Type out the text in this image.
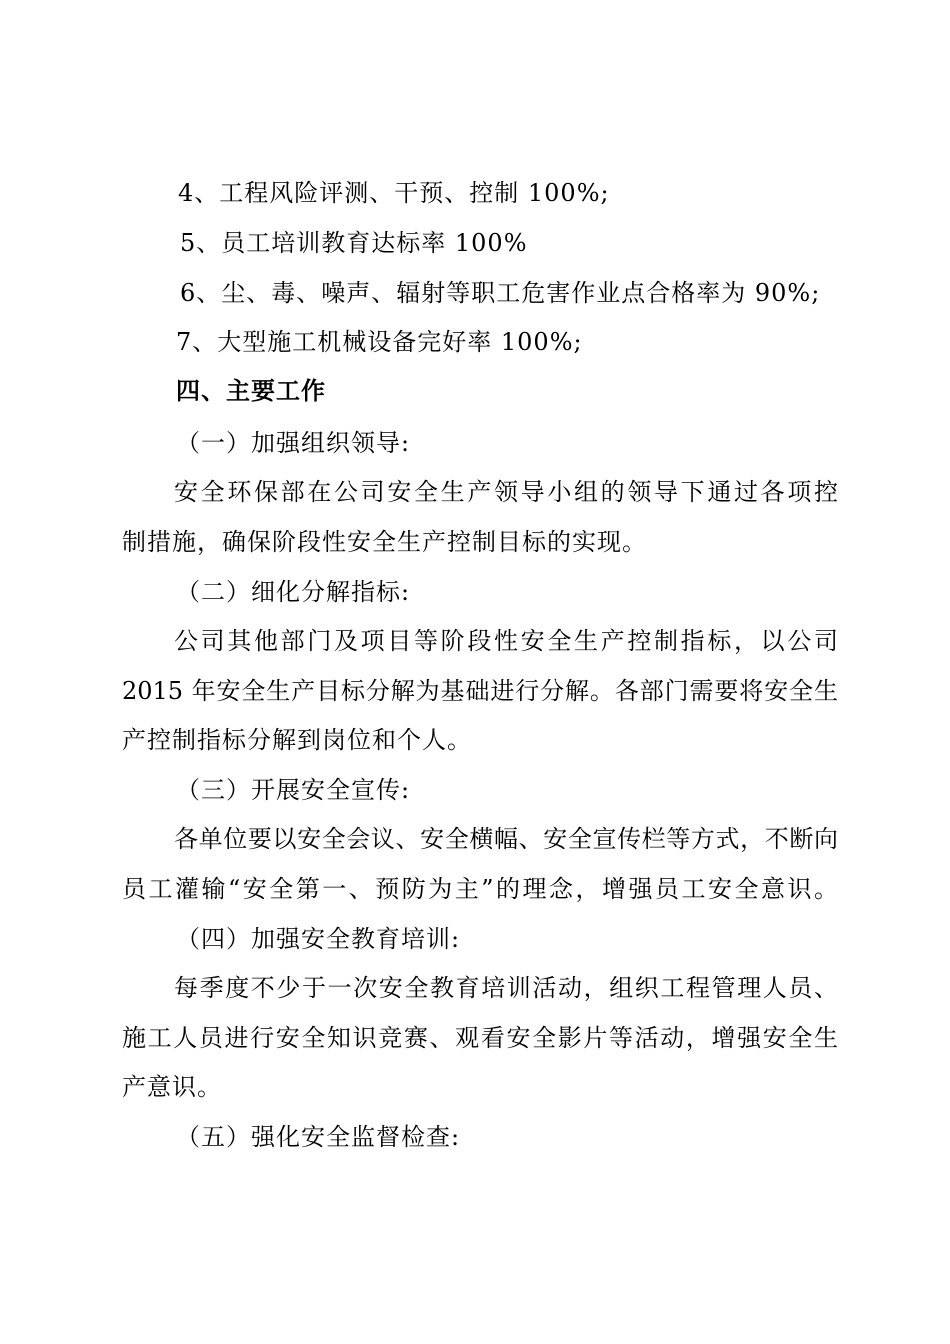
4、工程风险评测、干预、控制 100%;
5、员工培训教育达标率 100%
6、尘、毒、噪声、辐射等职工危害作业点合格率为 90%;
7、大型施工机械设备完好率 100%;
四、主要工作
（一）加强组织领导:
安全环保部在公司安全生产领导小组的领导下通过各项控
制措施，确保阶段性安全生产控制目标的实现。
（二）细化分解指标:
公司其他部门及项目等阶段性安全生产控制指标，以公司
2015 年安全生产目标分解为基础进行分解。各部门需要将安全生
产控制指标分解到岗位和个人。
（三）开展安全宣传:
各单位要以安全会议、安全横幅、安全宣传栏等方式，不断向
员工灌输“安全第一、预防为主”的理念，增强员工安全意识。
（四）加强安全教育培训:
每季度不少于一次安全教育培训活动，组织工程管理人员、
施工人员进行安全知识竞赛、观看安全影片等活动，增强安全生
产意识。
（五）强化安全监督检查:
